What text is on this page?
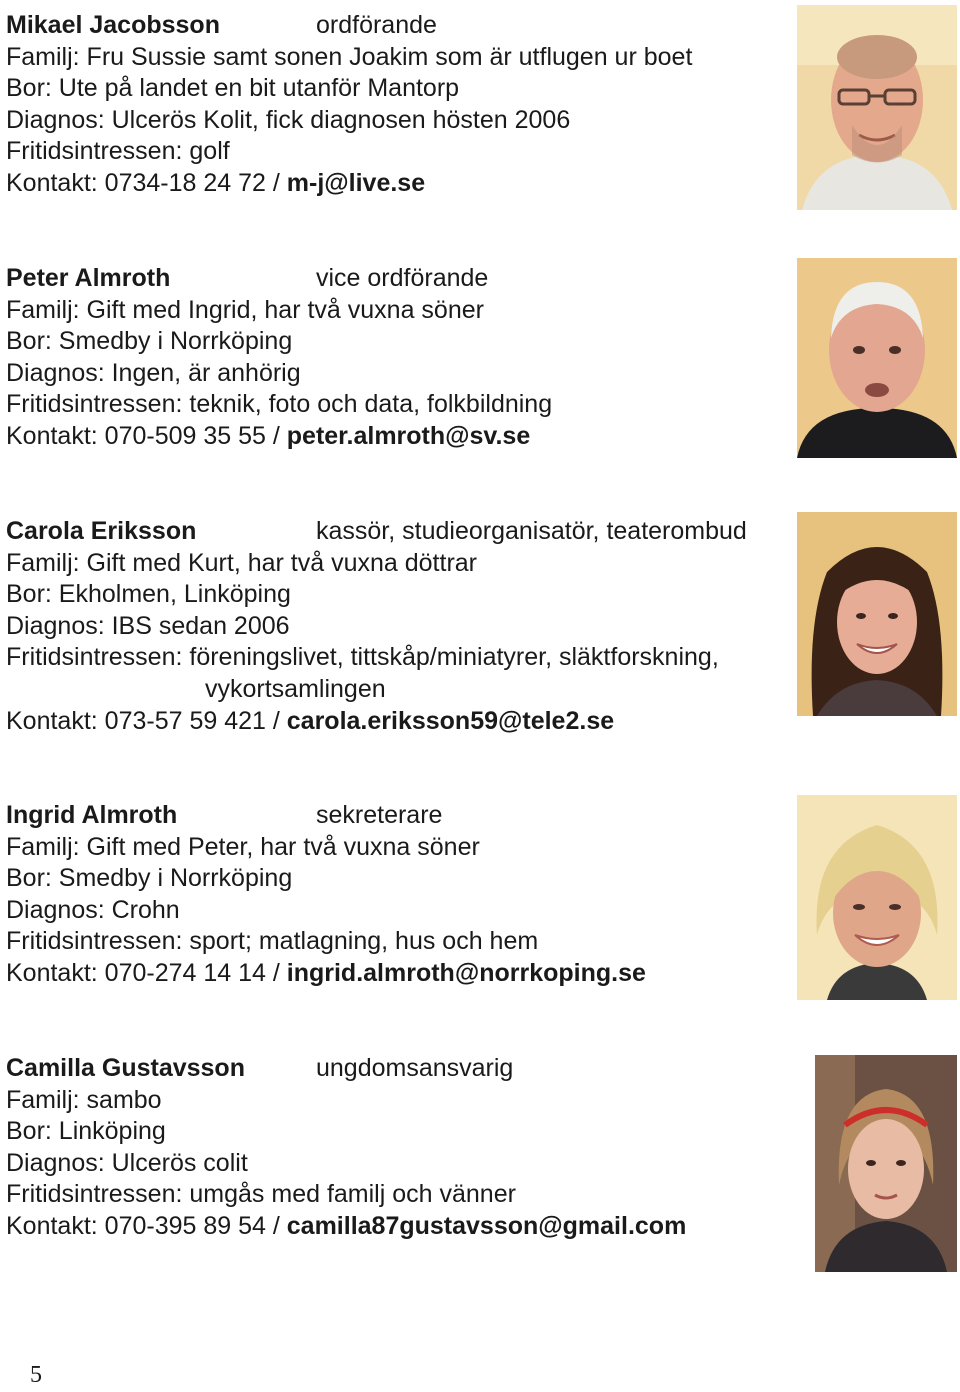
Mikael Jacobsson	ordförande
Familj: Fru Sussie samt sonen Joakim som är utflugen ur boet
Bor: Ute på landet en bit utanför Mantorp
Diagnos: Ulcerös Kolit, fick diagnosen hösten 2006
Fritidsintressen: golf
Kontakt: 0734-18 24 72 / m-j@live.se
Peter Almroth	vice ordförande
Familj: Gift med Ingrid, har två vuxna söner
Bor: Smedby i Norrköping
Diagnos: Ingen, är anhörig
Fritidsintressen: teknik, foto och data, folkbildning
Kontakt: 070-509 35 55 / peter.almroth@sv.se
Carola Eriksson	kassör, studieorganisatör, teaterombud
Familj: Gift med Kurt, har två vuxna döttrar
Bor: Ekholmen, Linköping
Diagnos: IBS sedan 2006
Fritidsintressen: föreningslivet, tittskåp/miniatyrer, släktforskning,
vykortsamlingen
Kontakt: 073-57 59 421 / carola.eriksson59@tele2.se
Ingrid Almroth	sekreterare
Familj: Gift med Peter, har två vuxna söner
Bor: Smedby i Norrköping
Diagnos: Crohn
Fritidsintressen: sport; matlagning, hus och hem
Kontakt: 070-274 14 14 / ingrid.almroth@norrkoping.se
Camilla Gustavsson	ungdomsansvarig
Familj: sambo
Bor: Linköping
Diagnos: Ulcerös colit
Fritidsintressen: umgås med familj och vänner
Kontakt: 070-395 89 54 / camilla87gustavsson@gmail.com
5
